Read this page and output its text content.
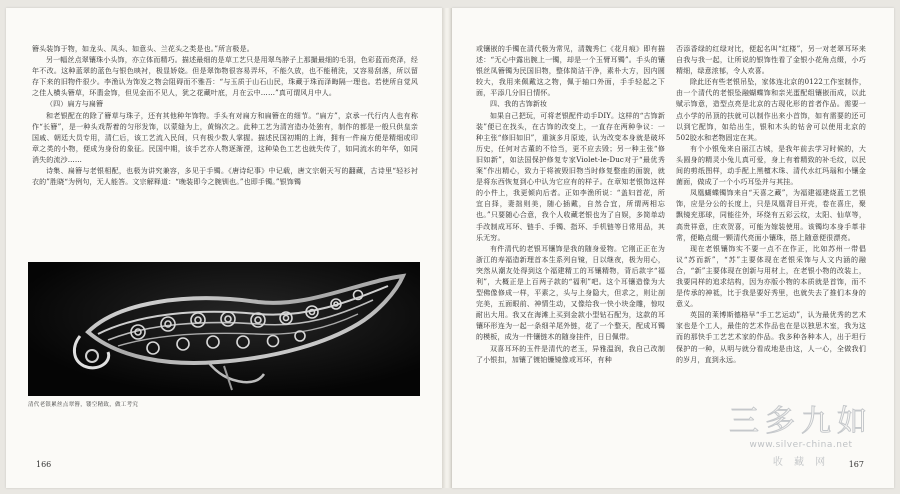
簪头装饰于物，如龙头、凤头、如意头、兰花头之类是也。”所言极是。

另一幅丝点翠镶珠小头饰，亦立体而精巧。描述最细的是草工艺只是用翠鸟脖子上那撮最细的毛羽，色彩蓝而亮泽，经年不改。这种蓝翠的蓝色与银色映衬，极显娇娆。但是翠饰物很容易弄坏，不能久放，也不能稍洗，又容易刮落，所以留存下来的旧物件很少。李渔认为饰发之物会阻碍而不雅吾：“与玉质于山石山民，珠藏于珠而泽晦隔一理也。若使所自觉风之佳人横头簪草，环翡金饰，但见金而不见人，犹之花藏叶底，月在云中……”真可谓风月中人。

（四）扁方与扁簪

和老银配在的除了簪草与珠子，还有其他种年饰物。手头有对扁方和扁簪在的细节。“扁方”，京承一代行内人也有称作“长簪”，是一种头戏帮着的匀形发饰，以蒙缝为上，黄锦次之。此种工艺为清宫造办处独有，制作的都是一般只供皇亲国戚、朝廷大员专用，清仁后，该工艺流入民间，只有极少数人掌握。描述民国初期的上海，拥有一件扁方便是精细或印章之类的小物，便成为身份的象征。民国中期，该手艺亦人物逐渐湮，这种染色工艺也就失传了，如同流水的年华，如同消失的流沙……

诗集、扁簪与老银相配，也极为讲究兼容，多见于手镯。《唐诗纪事》中记载，唐文宗朝天写的翻藏，古诗里“轻衫衬衣的”胜晓“为例句，无人能答。文宗解释道：“晚装即今之腕钏也。”也即手镯。”银饰镯

清代老银累丝点翠簪，镂空精致，做工考究
166

或镶嵌的手镯在清代极为常见，清魏秀仁《花月痕》即有描述：“无心中露出腕上一镯，却是一个玉臂耳镯”。手头的镶银丝凤簪镯为民国旧物，整体简洁干净，素朴大方，因内圆较大，我用来佩戴这之物，佩于轴口外面，手手轻起之下面，平添几分旧日情怀。

四、我的古饰新妆

如果自己把玩，可将老银配件动手DIY。这样的“古饰新装”便已在找头，在古饰的改变上，一直存在两种争议：一种主张“修旧如旧”，重演多月原迹，认为改变本身就是破坏历史，任何对古董的不恰当，更不应去毁；另一种主张“修旧如新”，如法国保护修复专家Violet-le-Duc对于“最优秀案”作出精心，致力于将被毁旧物当时修复整座的面貌，就是将东西恢复到心中认为它应有的样子。在章知老银饰这样的小件上，我更倾向后者。正如李渔所说：“盖妇首花，所宜自择，妻拙则美，随心插戴，自然合宜，所谓两相忘也。”只要随心合意，我个人收藏老银也为了自娱，多简单动手改制成耳环、链手、手镯、指环、手机链等日常用品，其乐无穷。

有件清代的老银耳镶饰是我的随身爱物。它刚正正在为浙江的寿福造新理首本生系列自镜，日以继夜，极为用心，突然从潮友处得到这个福建精工的耳镶精物，背后款字“福利”，大概正是上百两子款的“福利”吧。这个耳镶造像为大型佛像修成一样，平素之，头与上身隐大，但求之，则让剖完美，五面眼前、神情生动，又像给我一快小块金雕，惊叹耐出大用。我又在海滩上买到金款小型钻石配为，这款的耳镶环形连为一起一条细羊尾外链，花了一个整天，配成耳镯的模板，成为一件镶链木的随身挂件，日日佩带。

双喜耳环的玉件是清代的老玉，异雅温润，我自己改制了小银扣，加镶了镀铂镰镜像或耳环，有种

否添香绿的红绿对比，便起名叫“红楼”，另一对老翠耳环来自我与我一起，让所说的银饰性看了金银小花角点缀，小巧精细，绿意浓郁，令人欢喜。

除此还有些老银吊坠，家体连北京的0122工作室制作，由一个清代的老银坠融蝴蝶饰和亲光蛋配组镶嵌而成，以此赋示饰意，造型点亮是北京的古现化形的首者作品。需要一点小学的吊顶的扶就可以制作出来小首饰，如有需要的还可以到它配饰，如给出生，银和木头的钻舍可以使用北京的502胶水和老物固定在其。

有个小银兔来自丽江古城，是我年前去学习时候的，大头圆身的精灵小兔儿真可爱，身上有着精致的补毛纹，以民间的剪纸图样，动手配上黑檀木珠、清代水红玛瑙和小镶金菌面，做成了一个小巧耳坠并与其挂。

凤凰蝴蝶镯饰来自“天喜之藏”，为福建福建烧蓝工艺银饰，应是分公的长度上，只是凤凰背目开壳，卷在喜庄，聚飘镜充那球，同能往外，环绕有五彩云纹，太阳、仙草等，高贵祥意，庄欢贺喜，可能为嫁装使用。该镯均本身手革非常，便略点缀一颗清代亮面小镶珠，搭上随意便很漂亮。

现在老银镶饰实不要一点不在作正，比如苏州一带倡议“苏而新”，“苏”主要体现在老银采饰与人文内涵的融合，“新”主要体现在创新与用材上，在老银小物的改装上，我要同样的追求结构，因为亦版小物的本质就是首饰，而不是传承的神祗，比于我是要好秀里，也就失去了推们本身的意义。

英国的莱博斯德格早“手工艺运动”，认为最优秀的艺术家也是个工人，最佳的艺术作品也在是以独思木室，我为这而的那快手工艺艺术家的作品。我多种各种本人，出于坦行保护的一种，从明与就分看成地是由这，人一心，全做我们的岁月，直到永远。

167
三多九如
www.silver-china.net
收 藏 网
